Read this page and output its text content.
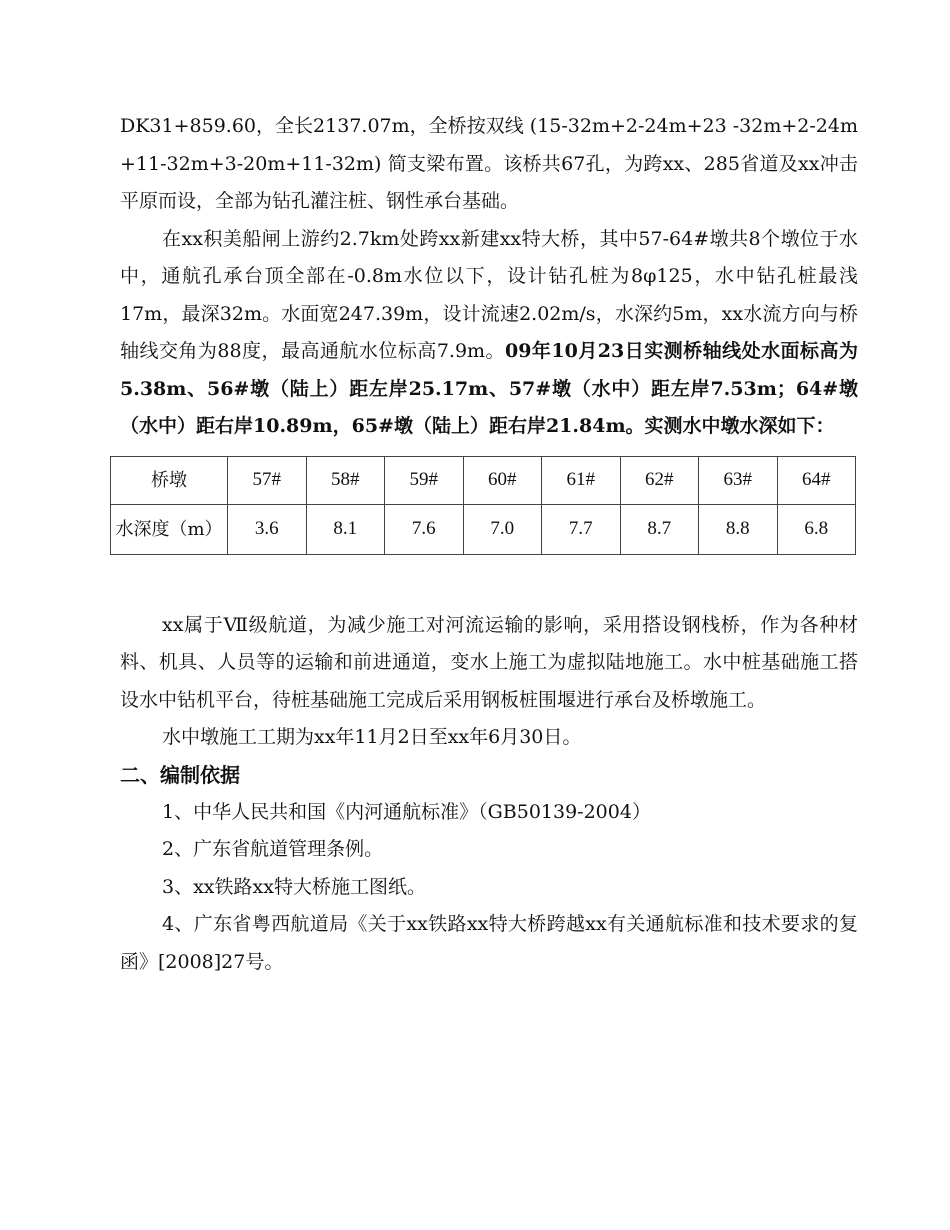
DK31+859.60，全长2137.07m，全桥按双线 (15-32m+2-24m+23 -32m+2-24m +11-32m+3-20m+11-32m) 简支梁布置。该桥共67孔，为跨xx、285省道及xx冲击平原而设，全部为钻孔灌注桩、钢性承台基础。

在xx积美船闸上游约2.7km处跨xx新建xx特大桥，其中57-64#墩共8个墩位于水中，通航孔承台顶全部在-0.8m水位以下，设计钻孔桩为8φ125，水中钻孔桩最浅17m，最深32m。水面宽247.39m，设计流速2.02m/s，水深约5m，xx水流方向与桥轴线交角为88度，最高通航水位标高7.9m。09年10月23日实测桥轴线处水面标高为5.38m、56#墩（陆上）距左岸25.17m、57#墩（水中）距左岸7.53m；64#墩（水中）距右岸10.89m，65#墩（陆上）距右岸21.84m。实测水中墩水深如下：

桥墩	57#	58#	59#	60#	61#	62#	63#	64#
水深度（m）	3.6	8.1	7.6	7.0	7.7	8.7	8.8	6.8

xx属于Ⅶ级航道，为减少施工对河流运输的影响，采用搭设钢栈桥，作为各种材料、机具、人员等的运输和前进通道，变水上施工为虚拟陆地施工。水中桩基础施工搭设水中钻机平台，待桩基础施工完成后采用钢板桩围堰进行承台及桥墩施工。

水中墩施工工期为xx年11月2日至xx年6月30日。

二、编制依据

1、中华人民共和国《内河通航标准》（GB50139-2004）

2、广东省航道管理条例。

3、xx铁路xx特大桥施工图纸。

4、广东省粤西航道局《关于xx铁路xx特大桥跨越xx有关通航标准和技术要求的复函》[2008]27号。
